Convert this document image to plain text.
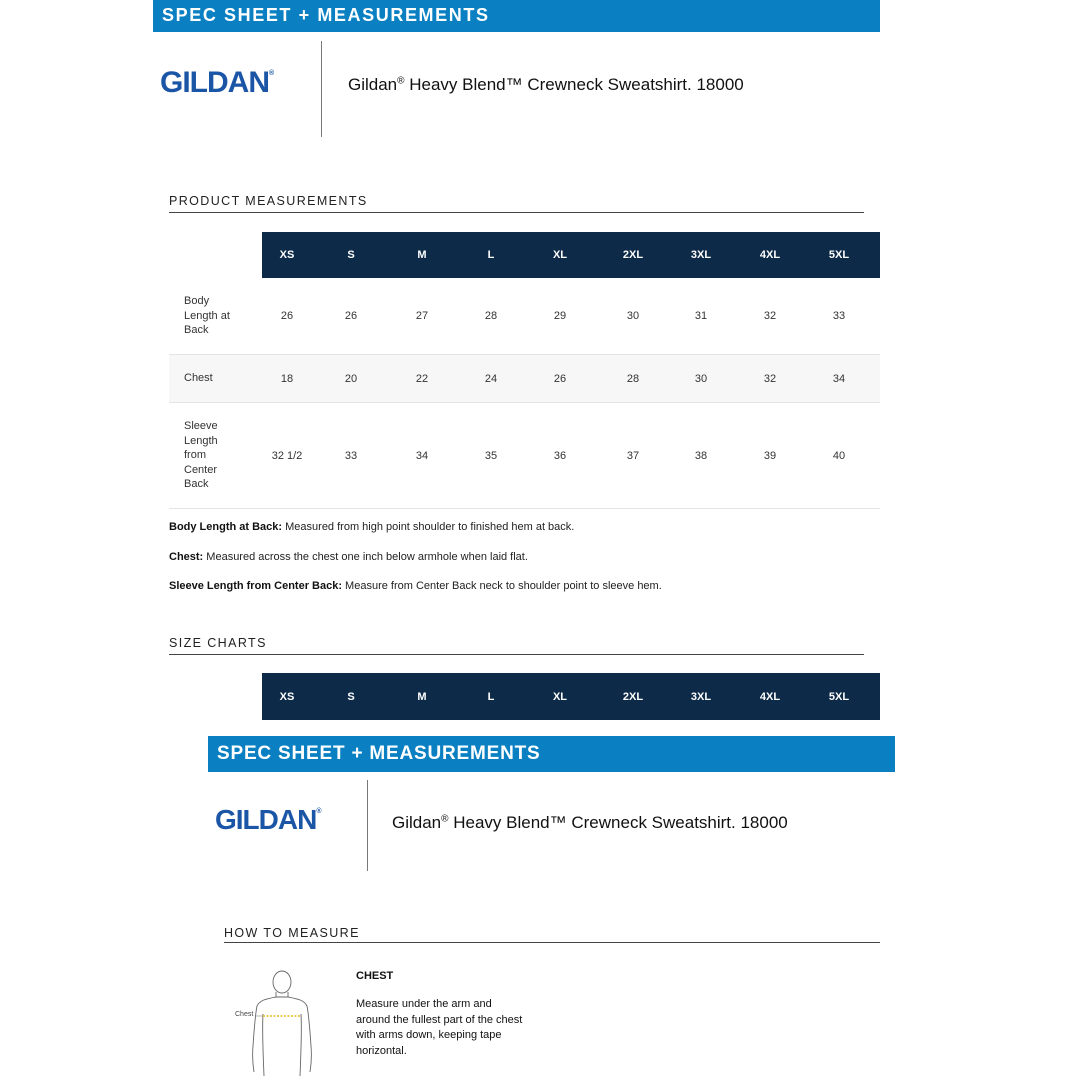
SPEC SHEET + MEASUREMENTS
GILDAN®
Gildan® Heavy Blend™ Crewneck Sweatshirt. 18000
PRODUCT MEASUREMENTS
XS	S	M	L	XL	2XL	3XL	4XL	5XL
Body
Length at
Back
26	26	27	28	29	30	31	32	33
Chest	18	20	22	24	26	28	30	32	34
Sleeve
Length
from
Center
Back
32 1/2	33	34	35	36	37	38	39	40
Body Length at Back: Measured from high point shoulder to finished hem at back.
Chest: Measured across the chest one inch below armhole when laid flat.
Sleeve Length from Center Back: Measure from Center Back neck to shoulder point to sleeve hem.
SIZE CHARTS
XS	S	M	L	XL	2XL	3XL	4XL	5XL
SPEC SHEET + MEASUREMENTS
GILDAN®
Gildan® Heavy Blend™ Crewneck Sweatshirt. 18000
HOW TO MEASURE
Chest
CHEST
Measure under the arm and
around the fullest part of the chest
with arms down, keeping tape
horizontal.
